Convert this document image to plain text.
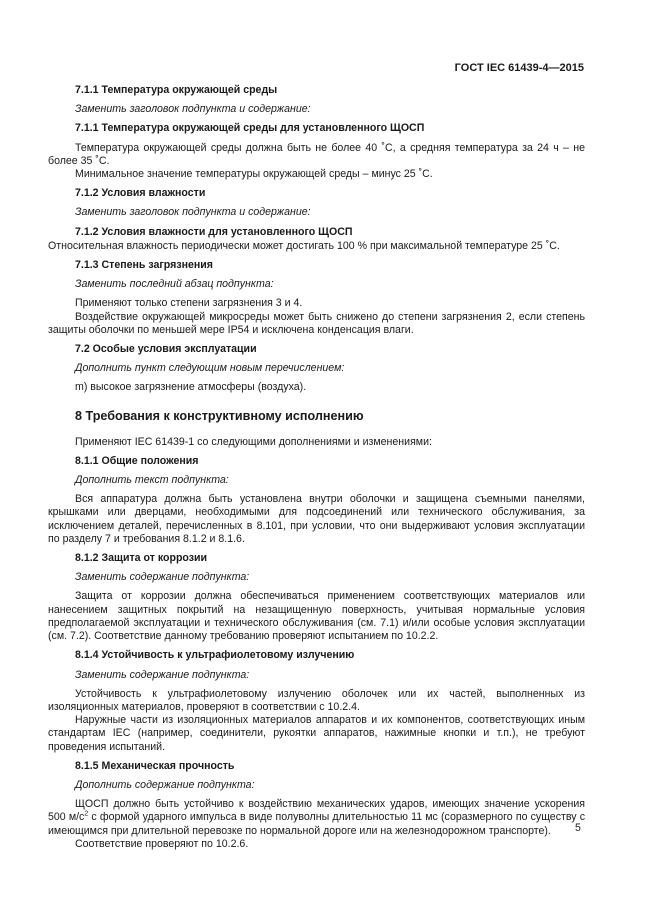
ГОСТ IEC 61439-4—2015

7.1.1 Температура окружающей среды

Заменить заголовок подпункта и содержание:

7.1.1 Температура окружающей среды для установленного ЩОСП

Температура окружающей среды должна быть не более 40 ˚С, а средняя температура за 24 ч – не более 35 ˚С.

Минимальное значение температуры окружающей среды – минус 25 ˚С.

7.1.2 Условия влажности

Заменить заголовок подпункта и содержание:

7.1.2 Условия влажности для установленного ЩОСП

Относительная влажность периодически может достигать 100 % при максимальной температуре 25 ˚С.

7.1.3 Степень загрязнения

Заменить последний абзац подпункта:

Применяют только степени загрязнения 3 и 4.

Воздействие окружающей микросреды может быть снижено до степени загрязнения 2, если степень защиты оболочки по меньшей мере IP54 и исключена конденсация влаги.

7.2 Особые условия эксплуатации

Дополнить пункт следующим новым перечислением:

m) высокое загрязнение атмосферы (воздуха).

8 Требования к конструктивному исполнению

Применяют IEC 61439-1 со следующими дополнениями и изменениями:

8.1.1 Общие положения

Дополнить текст подпункта:

Вся аппаратура должна быть установлена внутри оболочки и защищена съемными панелями, крышками или дверцами, необходимыми для подсоединений или технического обслуживания, за исключением деталей, перечисленных в 8.101, при условии, что они выдерживают условия эксплуатации по разделу 7 и требования 8.1.2 и 8.1.6.

8.1.2 Защита от коррозии

Заменить содержание подпункта:

Защита от коррозии должна обеспечиваться применением соответствующих материалов или нанесением защитных покрытий на незащищенную поверхность, учитывая нормальные условия предполагаемой эксплуатации и технического обслуживания (см. 7.1) и/или особые условия эксплуатации (см. 7.2). Соответствие данному требованию проверяют испытанием по 10.2.2.

8.1.4 Устойчивость к ультрафиолетовому излучению

Заменить содержание подпункта:

Устойчивость к ультрафиолетовому излучению оболочек или их частей, выполненных из изоляционных материалов, проверяют в соответствии с 10.2.4.

Наружные части из изоляционных материалов аппаратов и их компонентов, соответствующих иным стандартам IEC (например, соединители, рукоятки аппаратов, нажимные кнопки и т.п.), не требуют проведения испытаний.

8.1.5 Механическая прочность

Дополнить содержание подпункта:

ЩОСП должно быть устойчиво к воздействию механических ударов, имеющих значение ускорения 500 $м/с^2$ с формой ударного импульса в виде полуволны длительностью 11 мс (соразмерного по существу с имеющимся при длительной перевозке по нормальной дороге или на железнодорожном транспорте).

Соответствие проверяют по 10.2.6.

5
